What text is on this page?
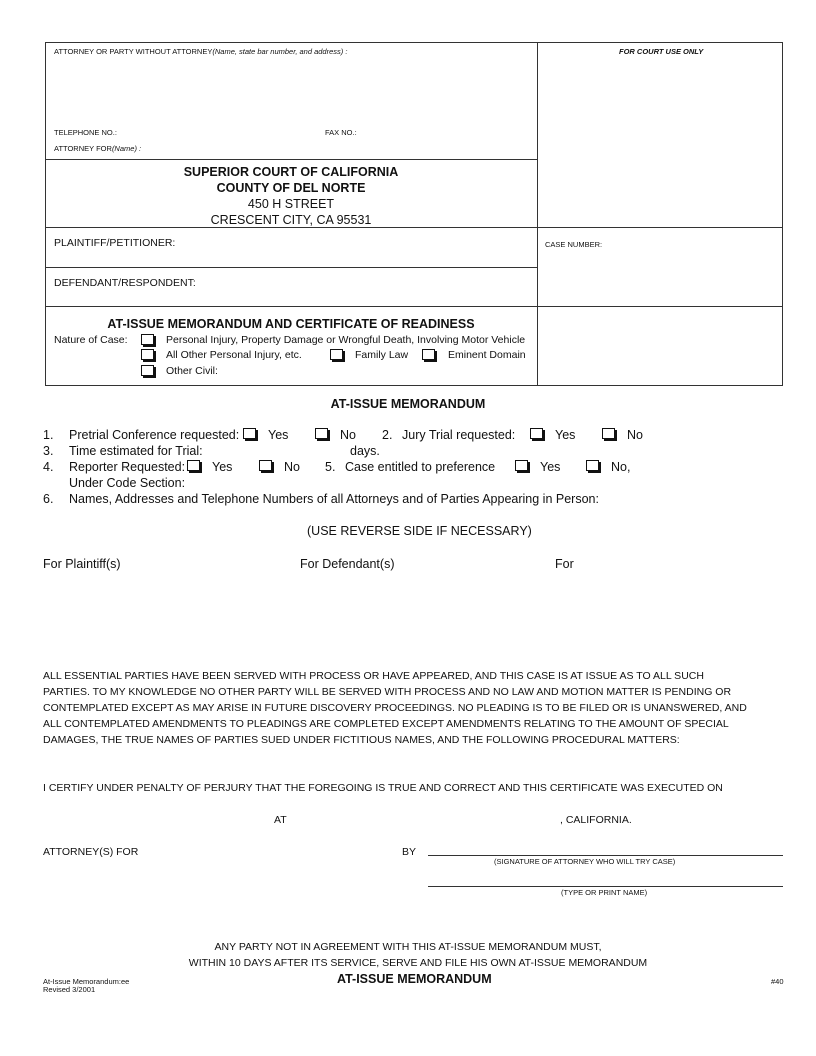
ATTORNEY OR PARTY WITHOUT ATTORNEY(Name, state bar number, and address) :	FOR COURT USE ONLY
TELEPHONE NO.:	FAX NO.:
ATTORNEY FOR(Name) :
SUPERIOR COURT OF CALIFORNIA
COUNTY OF DEL NORTE
450 H STREET
CRESCENT CITY, CA 95531
PLAINTIFF/PETITIONER:	CASE NUMBER:
DEFENDANT/RESPONDENT:
AT-ISSUE MEMORANDUM AND CERTIFICATE OF READINESS
Nature of Case:	Personal Injury, Property Damage or Wrongful Death, Involving Motor Vehicle
All Other Personal Injury, etc.	Family Law	Eminent Domain
Other Civil:
AT-ISSUE MEMORANDUM
1. Pretrial Conference requested: Yes	No 2. Jury Trial requested:	Yes	No
3. Time estimated for Trial:	days.
4. Reporter Requested: Yes	No 5. Case entitled to preference	Yes	No,
Under Code Section:
6. Names, Addresses and Telephone Numbers of all Attorneys and of Parties Appearing in Person:
(USE REVERSE SIDE IF NECESSARY)
For Plaintiff(s)	For Defendant(s)	For
ALL ESSENTIAL PARTIES HAVE BEEN SERVED WITH PROCESS OR HAVE APPEARED, AND THIS CASE IS AT ISSUE AS TO ALL SUCH
PARTIES. TO MY KNOWLEDGE NO OTHER PARTY WILL BE SERVED WITH PROCESS AND NO LAW AND MOTION MATTER IS PENDING OR
CONTEMPLATED EXCEPT AS MAY ARISE IN FUTURE DISCOVERY PROCEEDINGS. NO PLEADING IS TO BE FILED OR IS UNANSWERED, AND
ALL CONTEMPLATED AMENDMENTS TO PLEADINGS ARE COMPLETED EXCEPT AMENDMENTS RELATING TO THE AMOUNT OF SPECIAL
DAMAGES, THE TRUE NAMES OF PARTIES SUED UNDER FICTITIOUS NAMES, AND THE FOLLOWING PROCEDURAL MATTERS:
I CERTIFY UNDER PENALTY OF PERJURY THAT THE FOREGOING IS TRUE AND CORRECT AND THIS CERTIFICATE WAS EXECUTED ON
AT	, CALIFORNIA.
ATTORNEY(S) FOR	BY
(SIGNATURE OF ATTORNEY WHO WILL TRY CASE)
(TYPE OR PRINT NAME)
ANY PARTY NOT IN AGREEMENT WITH THIS AT-ISSUE MEMORANDUM MUST,
WITHIN 10 DAYS AFTER ITS SERVICE, SERVE AND FILE HIS OWN AT-ISSUE MEMORANDUM
At-Issue Memorandum:ee
Revised 3/2001
AT-ISSUE MEMORANDUM	#40
